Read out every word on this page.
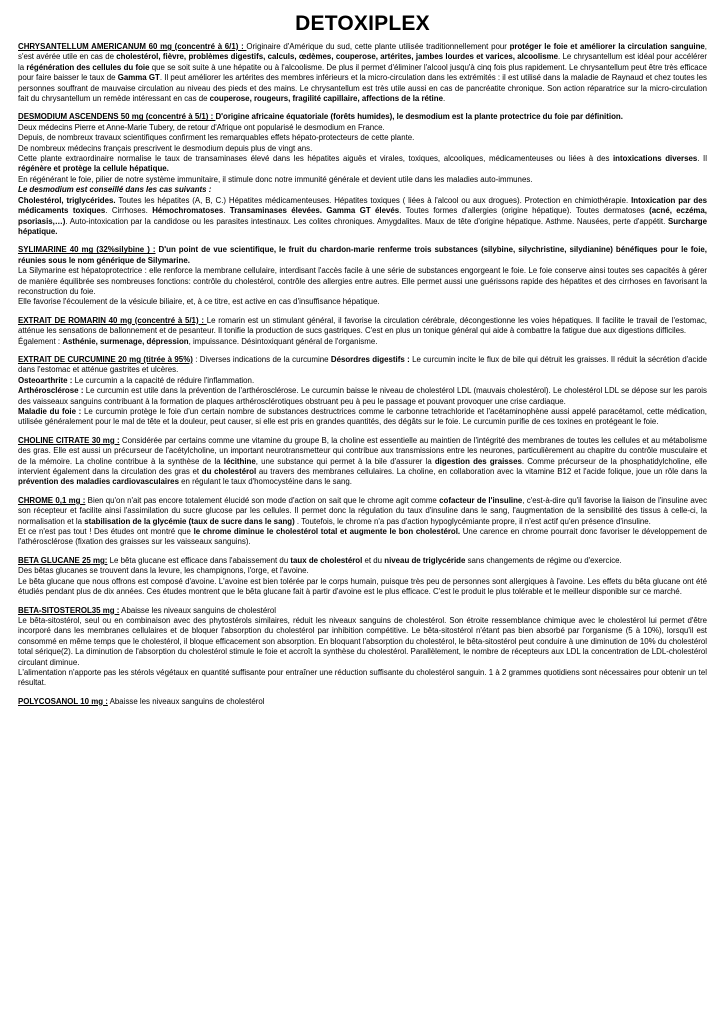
DETOXIPLEX

CHRYSANTELLUM AMERICANUM 60 mg (concentré à 6/1) : Originaire d'Amérique du sud, cette plante utilisée traditionnellement pour protéger le foie et améliorer la circulation sanguine, s'est avérée utile en cas de cholestérol, fièvre, problèmes digestifs, calculs, œdèmes, couperose, artérites, jambes lourdes et varices, alcoolisme. Le chrysantellum est idéal pour accélérer la régénération des cellules du foie que se soit suite à une hépatite ou à l'alcoolisme. De plus il permet d'éliminer l'alcool jusqu'à cinq fois plus rapidement. Le chrysantellum peut être très efficace pour faire baisser le taux de Gamma GT. Il peut améliorer les artérites des membres inférieurs et la micro-circulation dans les extrémités : il est utilisé dans la maladie de Raynaud et chez toutes les personnes souffrant de mauvaise circulation au niveau des pieds et des mains. Le chrysantellum est très utile aussi en cas de pancréatite chronique. Son action réparatrice sur la micro-circulation fait du chrysantellum un remède intéressant en cas de couperose, rougeurs, fragilité capillaire, affections de la rétine.

DESMODIUM ASCENDENS 50 mg (concentré à 5/1) : D'origine africaine équatoriale (forêts humides), le desmodium est la plante protectrice du foie par définition.

Deux médecins Pierre et Anne-Marie Tubery, de retour d'Afrique ont popularisé le desmodium en France.

Depuis, de nombreux travaux scientifiques confirment les remarquables effets hépato-protecteurs de cette plante.

De nombreux médecins français prescrivent le desmodium depuis plus de vingt ans.

Cette plante extraordinaire normalise le taux de transaminases élevé dans les hépatites aiguës et virales, toxiques, alcooliques, médicamenteuses ou liées à des intoxications diverses. Il régénère et protège la cellule hépatique.

En régénérant le foie, pilier de notre système immunitaire, il stimule donc notre immunité générale et devient utile dans les maladies auto-immunes.

Le desmodium est conseillé dans les cas suivants :

Cholestérol, triglycérides. Toutes les hépatites (A, B, C.) Hépatites médicamenteuses. Hépatites toxiques ( liées à l'alcool ou aux drogues). Protection en chimiothérapie. Intoxication par des médicaments toxiques. Cirrhoses. Hémochromatoses. Transaminases élevées. Gamma GT élevés. Toutes formes d'allergies (origine hépatique). Toutes dermatoses (acné, eczéma, psoriasis,…). Auto-intoxication par la candidose ou les parasites intestinaux. Les colites chroniques. Amygdalites. Maux de tête d'origine hépatique. Asthme. Nausées, perte d'appétit. Surcharge hépatique.

SYLIMARINE 40 mg (32%silybine ) : D'un point de vue scientifique, le fruit du chardon-marie renferme trois substances (silybine, silychristine, silydianine) bénéfiques pour le foie, réunies sous le nom générique de Silymarine.

La Silymarine est hépatoprotectrice : elle renforce la membrane cellulaire, interdisant l'accès facile à une série de substances engorgeant le foie. Le foie conserve ainsi toutes ses capacités à gérer de manière équilibrée ses nombreuses fonctions: contrôle du cholestérol, contrôle des allergies entre autres. Elle permet aussi une guérissons rapide des hépatites et des cirrhoses en favorisant la reconstruction du foie.

Elle favorise l'écoulement de la vésicule biliaire, et, à ce titre, est active en cas d'insuffisance hépatique.

EXTRAIT DE ROMARIN 40 mg (concentré à 5/1) : Le romarin est un stimulant général, il favorise la circulation cérébrale, décongestionne les voies hépatiques. Il facilite le travail de l'estomac, atténue les sensations de ballonnement et de pesanteur. Il tonifie la production de sucs gastriques. C'est en plus un tonique général qui aide à combattre la fatigue due aux digestions difficiles.

Également : Asthénie, surmenage, dépression, impuissance. Désintoxiquant général de l'organisme.

EXTRAIT DE CURCUMINE 20 mg (titrée à 95%) : Diverses indications de la curcumine Désordres digestifs : Le curcumin incite le flux de bile qui détruit les graisses. Il réduit la sécrétion d'acide dans l'estomac et atténue gastrites et ulcères.

Osteoarthrite : Le curcumin a la capacité de réduire l'inflammation.

Arthérosclérose : Le curcumin est utile dans la prévention de l'arthérosclérose. Le curcumin baisse le niveau de cholestérol LDL (mauvais cholestérol). Le cholestérol LDL se dépose sur les parois des vaisseaux sanguins contribuant à la formation de plaques arthérosclérotiques obstruant peu à peu le passage et pouvant provoquer une crise cardiaque.

Maladie du foie : Le curcumin protège le foie d'un certain nombre de substances destructrices comme le carbonne tetrachloride et l'acétaminophène aussi appelé paracétamol, cette médication, utilisée généralement pour le mal de tête et la douleur, peut causer, si elle est pris en grandes quantités, des dégâts sur le foie. Le curcumin purifie de ces toxines en protégeant le foie.

CHOLINE CITRATE 30 mg : Considérée par certains comme une vitamine du groupe B, la choline est essentielle au maintien de l'intégrité des membranes de toutes les cellules et au métabolisme des gras. Elle est aussi un précurseur de l'acétylcholine, un important neurotransmetteur qui contribue aux transmissions entre les neurones, particulièrement au chapitre du contrôle musculaire et de la mémoire. La choline contribue à la synthèse de la lécithine, une substance qui permet à la bile d'assurer la digestion des graisses. Comme précurseur de la phosphatidylcholine, elle intervient également dans la circulation des gras et du cholestérol au travers des membranes cellulaires. La choline, en collaboration avec la vitamine B12 et l'acide folique, joue un rôle dans la prévention des maladies cardiovasculaires en régulant le taux d'homocystéine dans le sang.

CHROME 0,1 mg : Bien qu'on n'ait pas encore totalement élucidé son mode d'action on sait que le chrome agit comme cofacteur de l'insuline, c'est-à-dire qu'il favorise la liaison de l'insuline avec son récepteur et facilite ainsi l'assimilation du sucre glucose par les cellules. Il permet donc la régulation du taux d'insuline dans le sang, l'augmentation de la sensibilité des tissus à celle-ci, la normalisation et la stabilisation de la glycémie (taux de sucre dans le sang) . Toutefois, le chrome n'a pas d'action hypoglycémiante propre, il n'est actif qu'en présence d'insuline.

Et ce n'est pas tout ! Des études ont montré que le chrome diminue le cholestérol total et augmente le bon cholestérol. Une carence en chrome pourrait donc favoriser le développement de l'athérosclérose (fixation des graisses sur les vaisseaux sanguins).

BETA GLUCANE 25 mg: Le bêta glucane est efficace dans l'abaissement du taux de cholestérol et du niveau de triglycéride sans changements de régime ou d'exercice.

Des bêtas glucanes se trouvent dans la levure, les champignons, l'orge, et l'avoine.

Le bêta glucane que nous offrons est composé d'avoine. L'avoine est bien tolérée par le corps humain, puisque très peu de personnes sont allergiques à l'avoine. Les effets du bêta glucane ont été étudiés pendant plus de dix années. Ces études montrent que le bêta glucane fait à partir d'avoine est le plus efficace. C'est le produit le plus tolérable et le meilleur disponible sur ce marché.

BETA-SITOSTEROL35 mg : Abaisse les niveaux sanguins de cholestérol

Le bêta-sitostérol, seul ou en combinaison avec des phytostérols similaires, réduit les niveaux sanguins de cholestérol. Son étroite ressemblance chimique avec le cholestérol lui permet d'être incorporé dans les membranes cellulaires et de bloquer l'absorption du cholestérol par inhibition compétitive. Le bêta-sitostérol n'étant pas bien absorbé par l'organisme (5 à 10%), lorsqu'il est consommé en même temps que le cholestérol, il bloque efficacement son absorption. En bloquant l'absorption du cholestérol, le bêta-sitostérol peut conduire à une diminution de 10% du cholestérol total sérique(2). La diminution de l'absorption du cholestérol stimule le foie et accroît la synthèse du cholestérol. Parallèlement, le nombre de récepteurs aux LDL la concentration de LDL-cholestérol circulant diminue.

L'alimentation n'apporte pas les stérols végétaux en quantité suffisante pour entraîner une réduction suffisante du cholestérol sanguin. 1 à 2 grammes quotidiens sont nécessaires pour obtenir un tel résultat.

POLYCOSANOL 10 mg : Abaisse les niveaux sanguins de cholestérol
